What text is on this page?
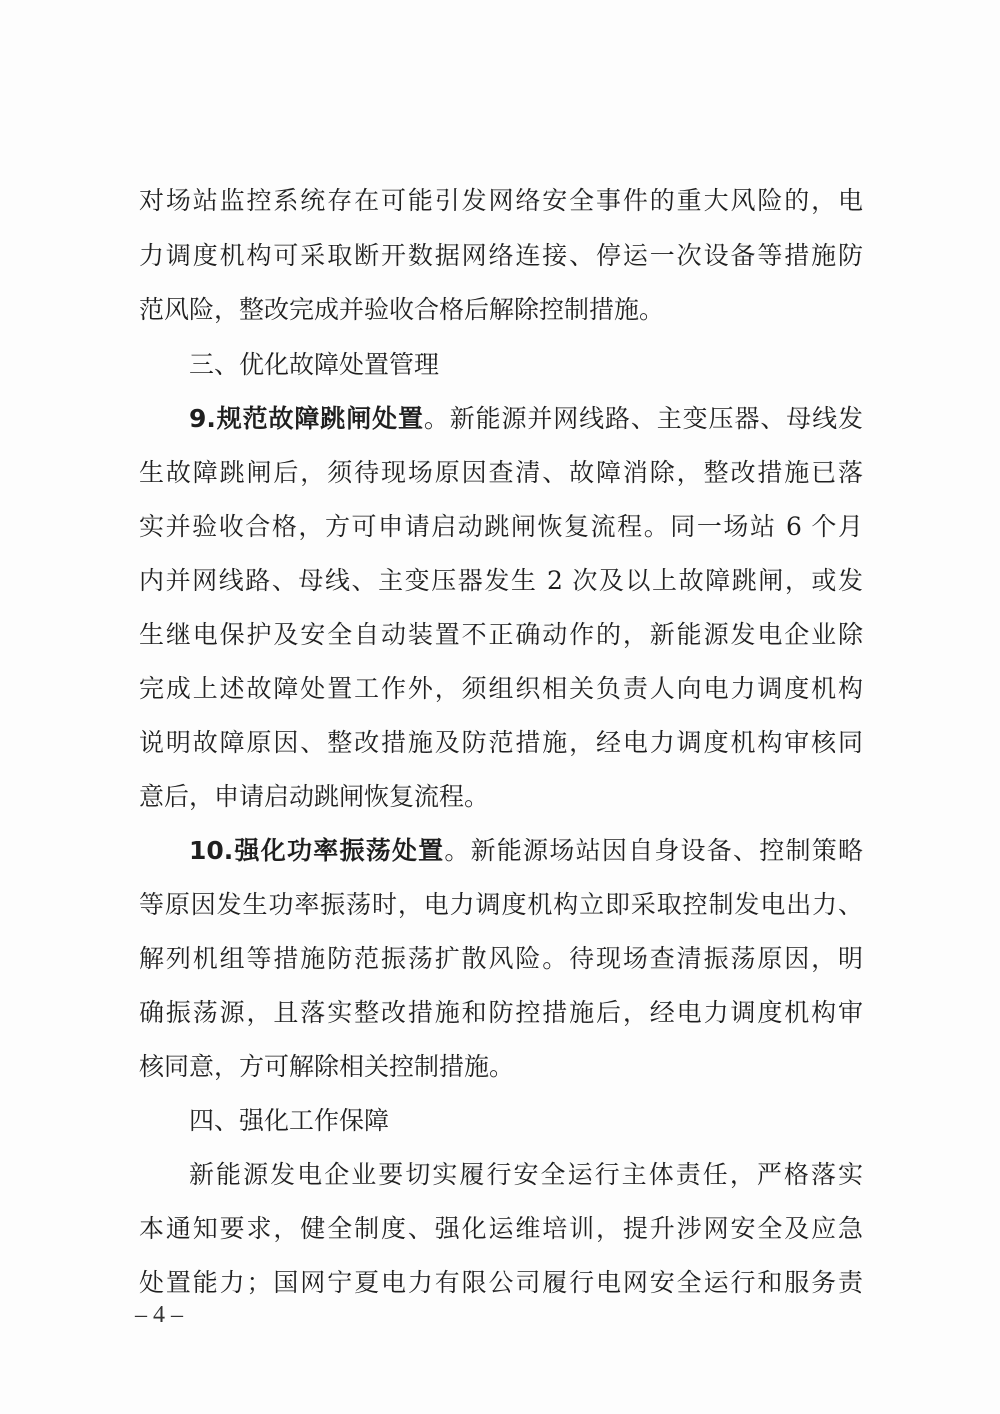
对场站监控系统存在可能引发网络安全事件的重大风险的，电
力调度机构可采取断开数据网络连接、停运一次设备等措施防
范风险，整改完成并验收合格后解除控制措施。
三、优化故障处置管理
9.规范故障跳闸处置。新能源并网线路、主变压器、母线发
生故障跳闸后，须待现场原因查清、故障消除，整改措施已落
实并验收合格，方可申请启动跳闸恢复流程。同一场站 6 个月
内并网线路、母线、主变压器发生 2 次及以上故障跳闸，或发
生继电保护及安全自动装置不正确动作的，新能源发电企业除
完成上述故障处置工作外，须组织相关负责人向电力调度机构
说明故障原因、整改措施及防范措施，经电力调度机构审核同
意后，申请启动跳闸恢复流程。
10.强化功率振荡处置。新能源场站因自身设备、控制策略
等原因发生功率振荡时，电力调度机构立即采取控制发电出力、
解列机组等措施防范振荡扩散风险。待现场查清振荡原因，明
确振荡源，且落实整改措施和防控措施后，经电力调度机构审
核同意，方可解除相关控制措施。
四、强化工作保障
新能源发电企业要切实履行安全运行主体责任，严格落实
本通知要求，健全制度、强化运维培训，提升涉网安全及应急
处置能力；国网宁夏电力有限公司履行电网安全运行和服务责
– 4 –
